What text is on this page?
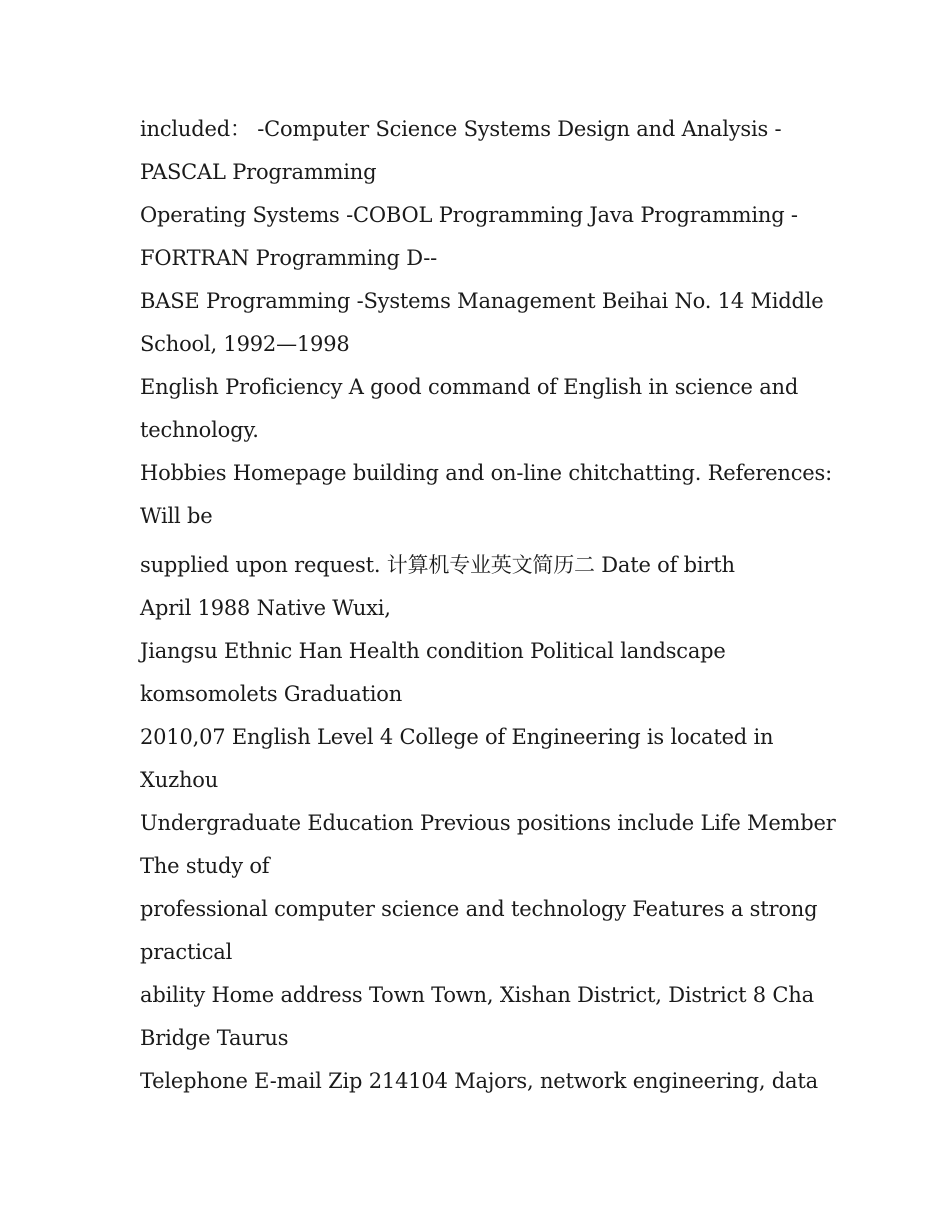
included： -Computer Science Systems Design and Analysis -
PASCAL Programming
Operating Systems -COBOL Programming Java Programming -
FORTRAN Programming D--
BASE Programming -Systems Management Beihai No. 14 Middle
School, 1992—1998
English Proficiency A good command of English in science and
technology.
Hobbies Homepage building and on-line chitchatting. References:
Will be
supplied upon request. 计算机专业英文简历二 Date of birth
April 1988 Native Wuxi,
Jiangsu Ethnic Han Health condition Political landscape
komsomolets Graduation
2010,07 English Level 4 College of Engineering is located in
Xuzhou
Undergraduate Education Previous positions include Life Member
The study of
professional computer science and technology Features a strong
practical
ability Home address Town Town, Xishan District, District 8 Cha
Bridge Taurus
Telephone E-mail Zip 214104 Majors, network engineering, data
